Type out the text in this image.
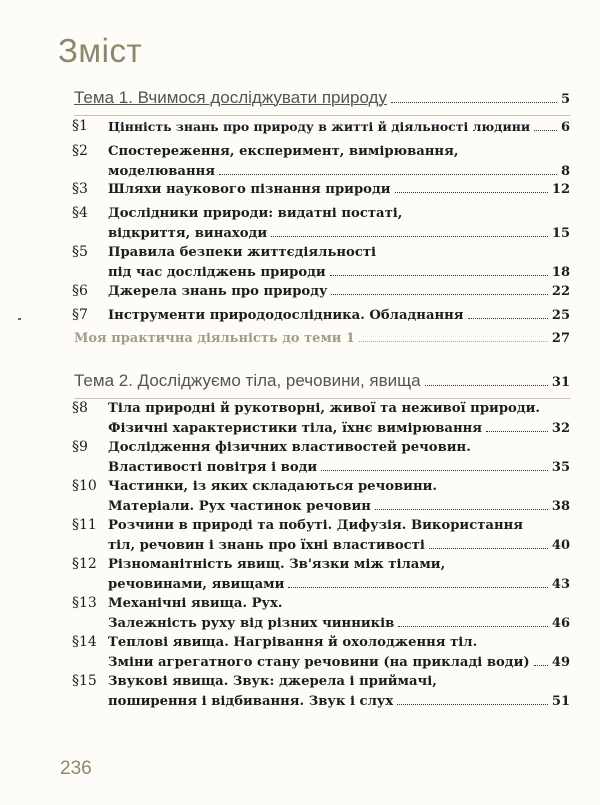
Зміст
Тема 1. Вчимося досліджувати природу	5
§1	Цінність знань про природу в житті й діяльності людини 6
§2	Спостереження, експеримент, вимірювання,
моделювання	8
§3	Шляхи наукового пізнання природи	12
§4	Дослідники природи: видатні постаті,
відкриття, винаходи	15
§5	Правила безпеки життєдіяльності
під час досліджень природи	18
§6	Джерела знань про природу	22
§7	Інструменти природодослідника. Обладнання	25
Моя практична діяльність до теми 1	27
Тема 2. Досліджуємо тіла, речовини, явища	31
§8	Тіла природні й рукотворні, живої та неживої природи.
Фізичні характеристики тіла, їхнє вимірювання	32
§9	Дослідження фізичних властивостей речовин.
Властивості повітря і води	35
§10 Частинки, із яких складаються речовини.
Матеріали. Рух частинок речовин	38
§11 Розчини в природі та побуті. Дифузія. Використання
тіл, речовин і знань про їхні властивості	40
§12 Різноманітність явищ. Зв'язки між тілами,
речовинами, явищами	43
§13 Механічні явища. Рух.
Залежність руху від різних чинників	46
§14 Теплові явища. Нагрівання й охолодження тіл.
Зміни агрегатного стану речовини (на прикладі води) 49
§15 Звукові явища. Звук: джерела і приймачі,
поширення і відбивання. Звук і слух	51
236
